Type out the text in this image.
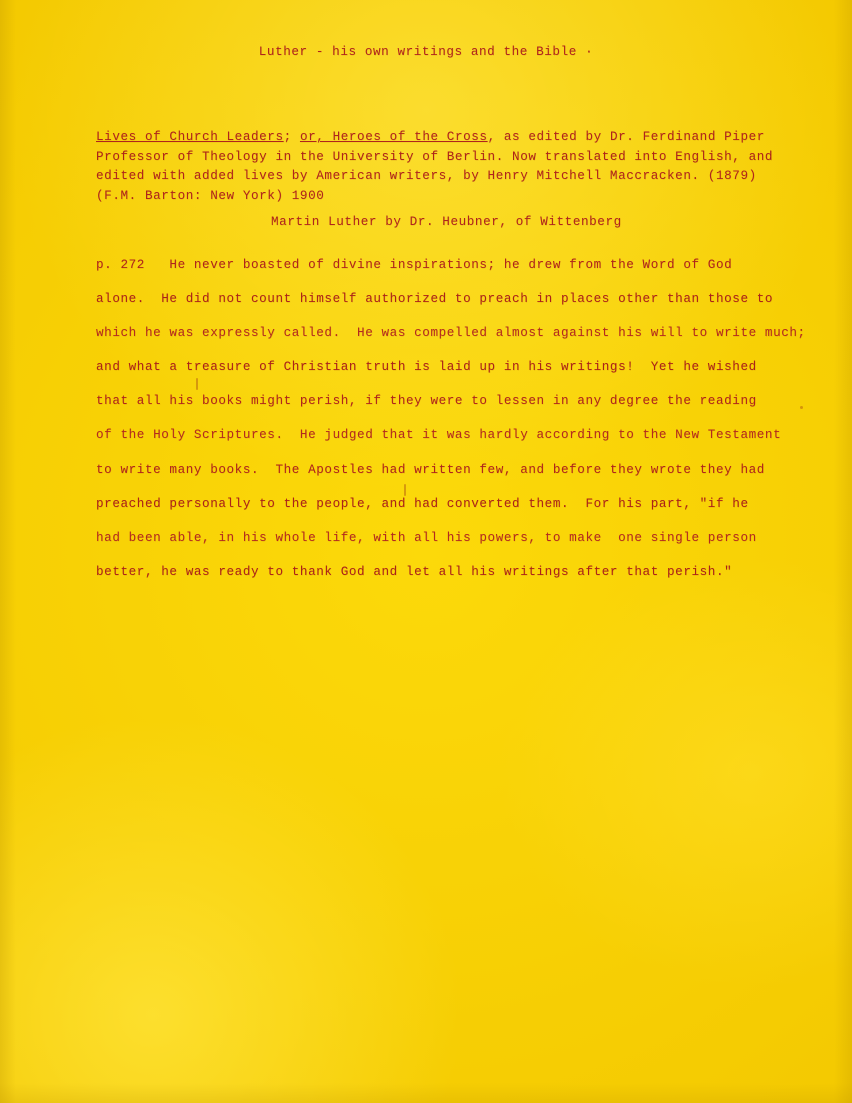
Luther - his own writings and the Bible ·
Lives of Church Leaders; or, Heroes of the Cross, as edited by Dr. Ferdinand Piper
Professor of Theology in the University of Berlin. Now translated into English, and
edited with added lives by American writers, by Henry Mitchell Maccracken. (1879)
(F.M. Barton: New York) 1900
Martin Luther by Dr. Heubner, of Wittenberg
p. 272   He never boasted of divine inspirations; he drew from the Word of God
alone.  He did not count himself authorized to preach in places other than those to
which he was expressly called.  He was compelled almost against his will to write much;
and what a treasure of Christian truth is laid up in his writings!  Yet he wished
that all his books might perish, if they were to lessen in any degree the reading
of the Holy Scriptures.  He judged that it was hardly according to the New Testament
to write many books.  The Apostles had written few, and before they wrote they had
preached personally to the people, and had converted them.  For his part, "if he
had been able, in his whole life, with all his powers, to make  one single person
better, he was ready to thank God and let all his writings after that perish."
